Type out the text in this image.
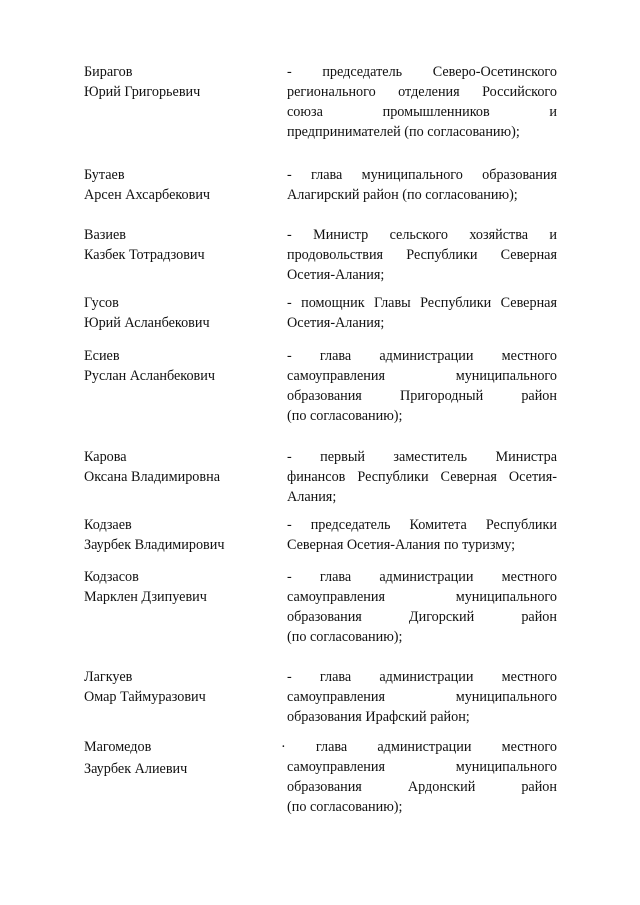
Бирагов
Юрий Григорьевич
- председатель Северо-Осетинского
регионального отделения Российского
союза промышленников и
предпринимателей (по согласованию);
Бутаев
Арсен Ахсарбекович
- глава муниципального образования
Алагирский район (по согласованию);
Вазиев
Казбек Тотрадзович
- Министр сельского хозяйства и
продовольствия Республики Северная
Осетия-Алания;
Гусов
Юрий Асланбекович
- помощник Главы Республики Северная
Осетия-Алания;
Есиев
Руслан Асланбекович
- глава администрации местного
самоуправления муниципального
образования Пригородный район
(по согласованию);
Карова
Оксана Владимировна
- первый заместитель Министра
финансов Республики Северная Осетия-
Алания;
Кодзаев
Заурбек Владимирович
- председатель Комитета Республики
Северная Осетия-Алания по туризму;
Кодзасов
Марклен Дзипуевич
- глава администрации местного
самоуправления муниципального
образования Дигорский район
(по согласованию);
Лагкуев
Омар Таймуразович
- глава администрации местного
самоуправления муниципального
образования Ирафский район;
Магомедов
Заурбек Алиевич
· глава администрации местного
самоуправления муниципального
образования Ардонский район
(по согласованию);
